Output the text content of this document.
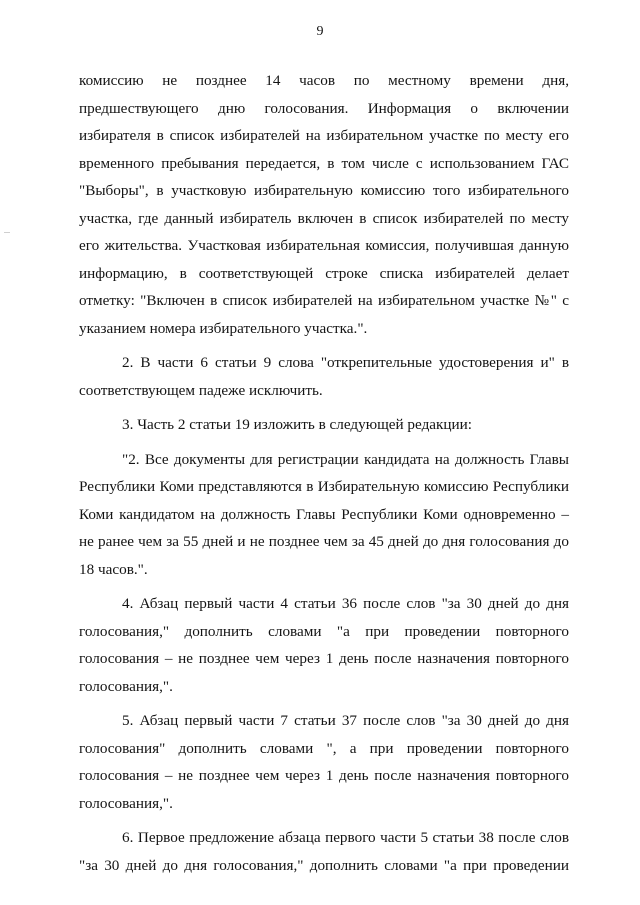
9
комиссию не позднее 14 часов по местному времени дня,
предшествующего дню голосования. Информация о включении
избирателя в список избирателей на избирательном участке по месту его
временного пребывания передается, в том числе с использованием ГАС
"Выборы", в участковую избирательную комиссию того избирательного
участка, где данный избиратель включен в список избирателей по месту
его жительства. Участковая избирательная комиссия, получившая данную
информацию, в соответствующей строке списка избирателей делает
отметку: "Включен в список избирателей на избирательном участке №" с
указанием номера избирательного участка.".
2. В части 6 статьи 9 слова "открепительные удостоверения и" в
соответствующем падеже исключить.
3. Часть 2 статьи 19 изложить в следующей редакции:
"2. Все документы для регистрации кандидата на должность Главы
Республики Коми представляются в Избирательную комиссию Республики
Коми кандидатом на должность Главы Республики Коми одновременно –
не ранее чем за 55 дней и не позднее чем за 45 дней до дня голосования до
18 часов.".
4. Абзац первый части 4 статьи 36 после слов "за 30 дней до дня
голосования," дополнить словами "а при проведении повторного
голосования – не позднее чем через 1 день после назначения повторного
голосования,".
5. Абзац первый части 7 статьи 37 после слов "за 30 дней до дня
голосования" дополнить словами ", а при проведении повторного
голосования – не позднее чем через 1 день после назначения повторного
голосования,".
6. Первое предложение абзаца первого части 5 статьи 38 после слов
"за 30 дней до дня голосования," дополнить словами "а при проведении
